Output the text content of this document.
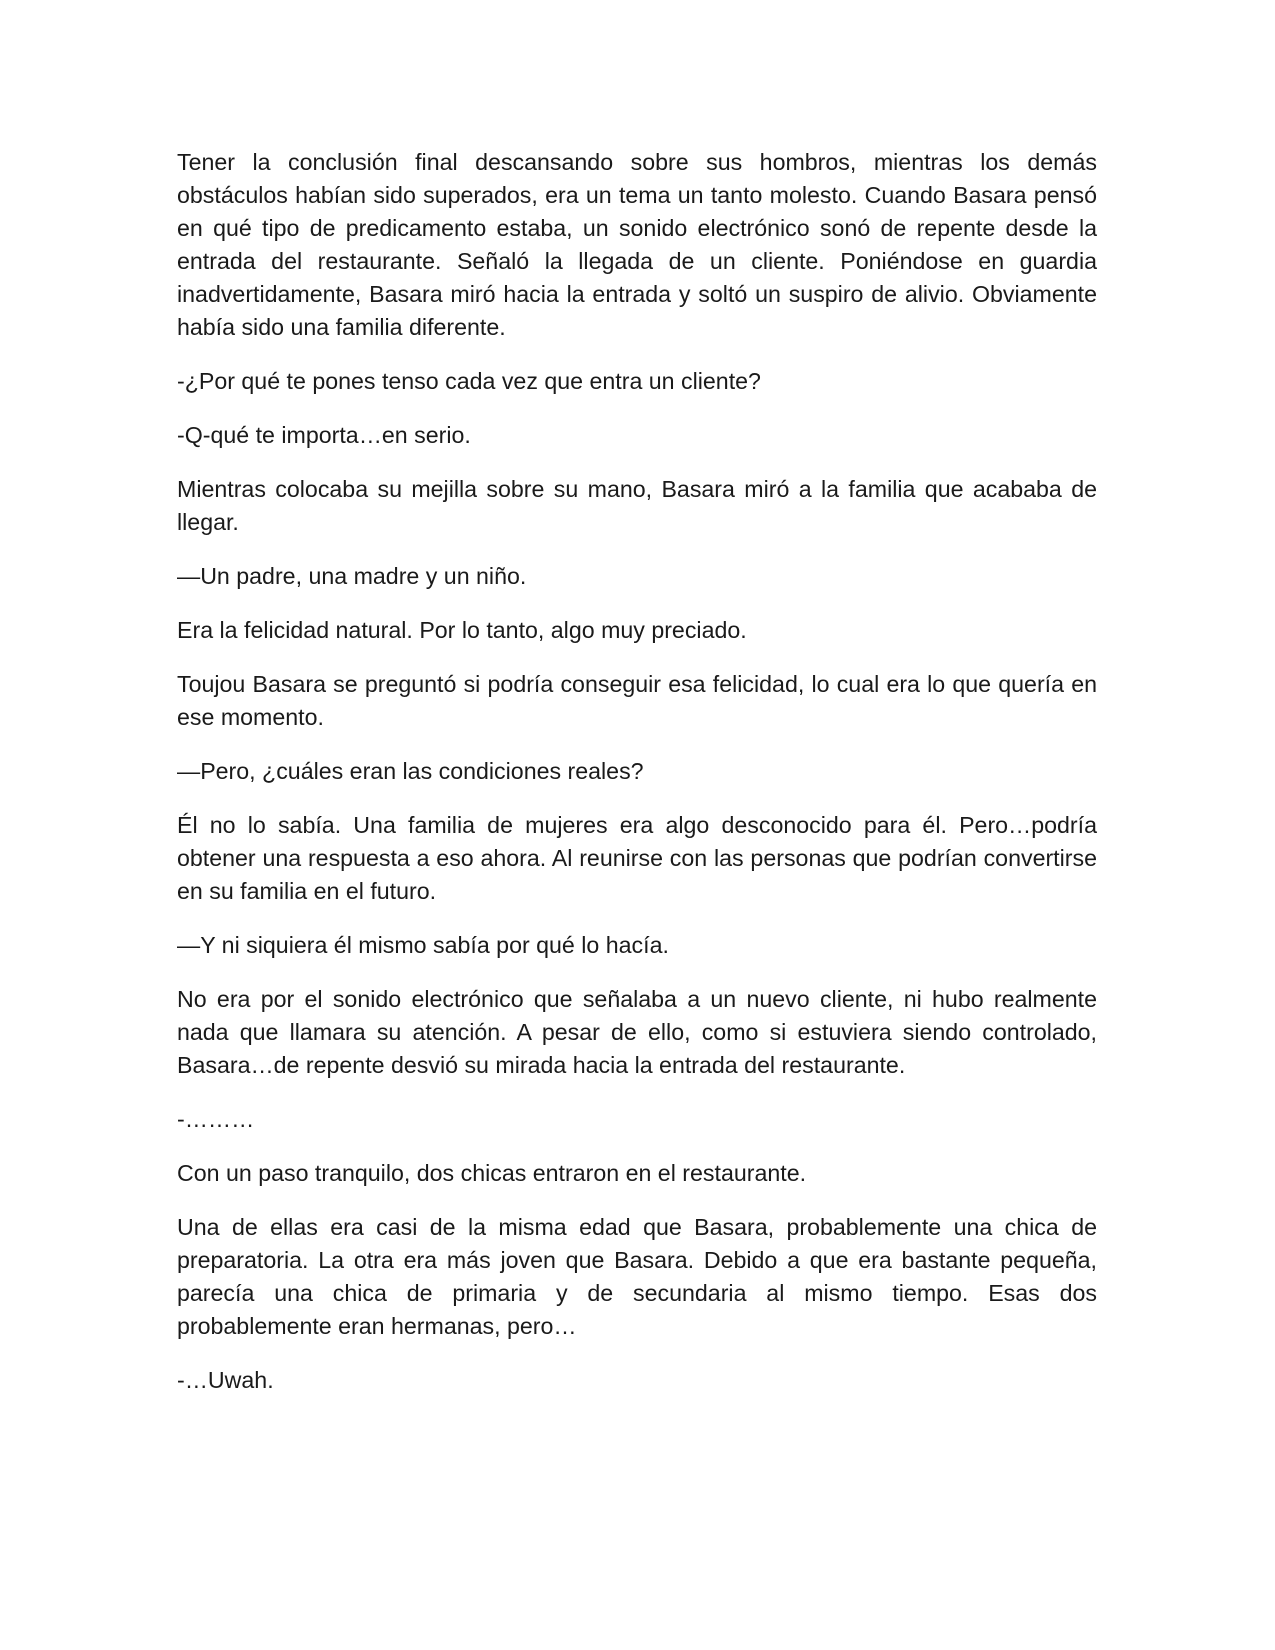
Tener la conclusión final descansando sobre sus hombros, mientras los demás obstáculos habían sido superados, era un tema un tanto molesto. Cuando Basara pensó en qué tipo de predicamento estaba, un sonido electrónico sonó de repente desde la entrada del restaurante. Señaló la llegada de un cliente. Poniéndose en guardia inadvertidamente, Basara miró hacia la entrada y soltó un suspiro de alivio. Obviamente había sido una familia diferente.

-¿Por qué te pones tenso cada vez que entra un cliente?

-Q-qué te importa…en serio.

Mientras colocaba su mejilla sobre su mano, Basara miró a la familia que acababa de llegar.

—Un padre, una madre y un niño.

Era la felicidad natural. Por lo tanto, algo muy preciado.

Toujou Basara se preguntó si podría conseguir esa felicidad, lo cual era lo que quería en ese momento.

—Pero, ¿cuáles eran las condiciones reales?

Él no lo sabía. Una familia de mujeres era algo desconocido para él. Pero…podría obtener una respuesta a eso ahora. Al reunirse con las personas que podrían convertirse en su familia en el futuro.

—Y ni siquiera él mismo sabía por qué lo hacía.

No era por el sonido electrónico que señalaba a un nuevo cliente, ni hubo realmente nada que llamara su atención. A pesar de ello, como si estuviera siendo controlado, Basara…de repente desvió su mirada hacia la entrada del restaurante.

-………

Con un paso tranquilo, dos chicas entraron en el restaurante.

Una de ellas era casi de la misma edad que Basara, probablemente una chica de preparatoria. La otra era más joven que Basara. Debido a que era bastante pequeña, parecía una chica de primaria y de secundaria al mismo tiempo. Esas dos probablemente eran hermanas, pero…

-…Uwah.
